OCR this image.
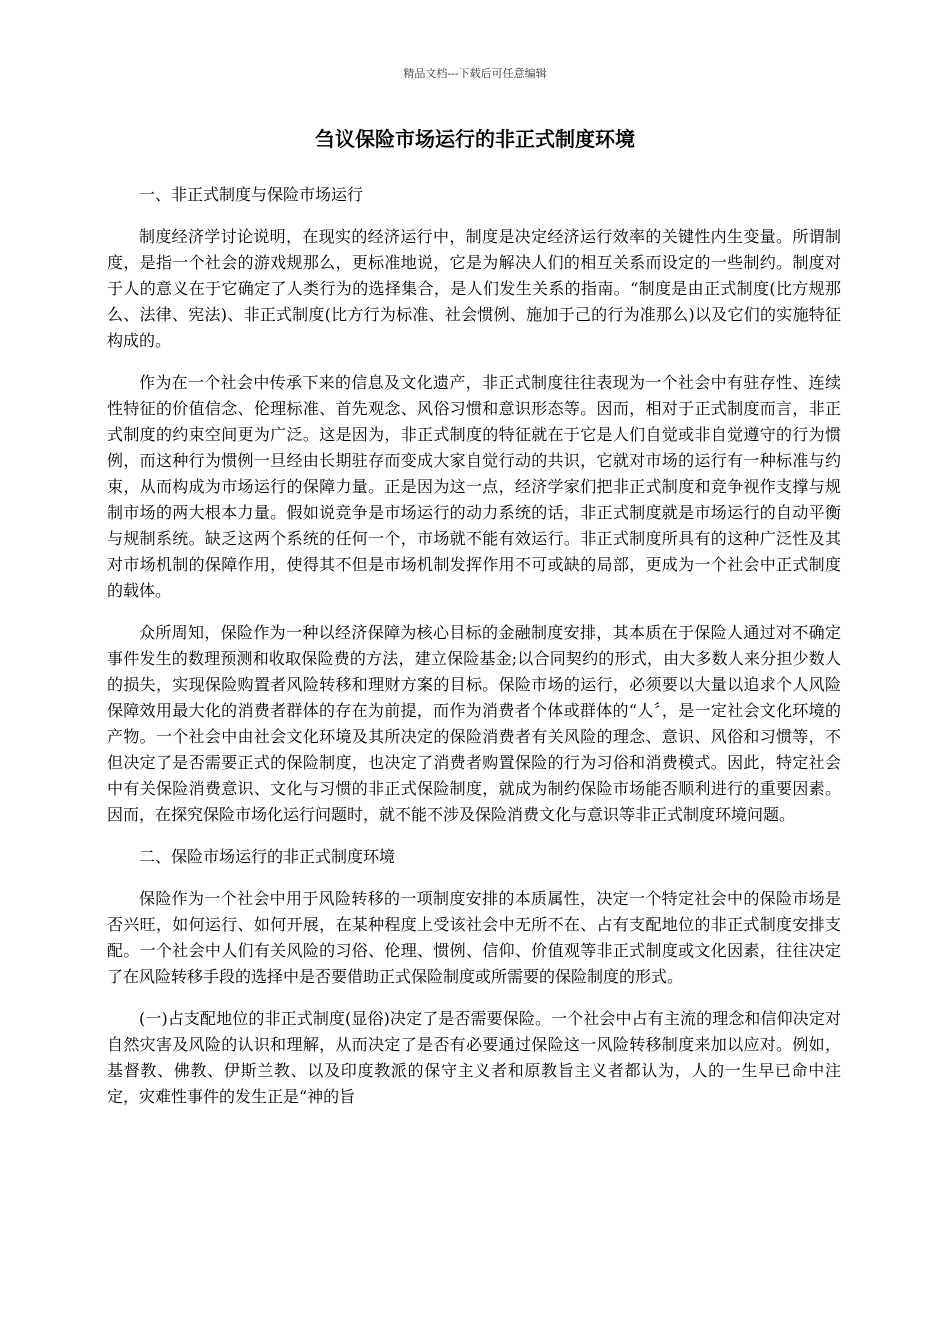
精品文档---下载后可任意编辑
刍议保险市场运行的非正式制度环境
一、非正式制度与保险市场运行

制度经济学讨论说明，在现实的经济运行中，制度是决定经济运行效率的关键性内生变量。所谓制度，是指一个社会的游戏规那么，更标准地说，它是为解决人们的相互关系而设定的一些制约。制度对于人的意义在于它确定了人类行为的选择集合，是人们发生关系的指南。“制度是由正式制度(比方规那么、法律、宪法)、非正式制度(比方行为标准、社会惯例、施加于己的行为准那么)以及它们的实施特征构成的。

作为在一个社会中传承下来的信息及文化遗产，非正式制度往往表现为一个社会中有驻存性、连续性特征的价值信念、伦理标准、首先观念、风俗习惯和意识形态等。因而，相对于正式制度而言，非正式制度的约束空间更为广泛。这是因为，非正式制度的特征就在于它是人们自觉或非自觉遵守的行为惯例，而这种行为惯例一旦经由长期驻存而变成大家自觉行动的共识，它就对市场的运行有一种标准与约束，从而构成为市场运行的保障力量。正是因为这一点，经济学家们把非正式制度和竞争视作支撑与规制市场的两大根本力量。假如说竞争是市场运行的动力系统的话，非正式制度就是市场运行的自动平衡与规制系统。缺乏这两个系统的任何一个，市场就不能有效运行。非正式制度所具有的这种广泛性及其对市场机制的保障作用，使得其不但是市场机制发挥作用不可或缺的局部，更成为一个社会中正式制度的载体。

众所周知，保险作为一种以经济保障为核心目标的金融制度安排，其本质在于保险人通过对不确定事件发生的数理预测和收取保险费的方法，建立保险基金;以合同契约的形式，由大多数人来分担少数人的损失，实现保险购置者风险转移和理财方案的目标。保险市场的运行，必须要以大量以追求个人风险保障效用最大化的消费者群体的存在为前提，而作为消费者个体或群体的“人〞，是一定社会文化环境的产物。一个社会中由社会文化环境及其所决定的保险消费者有关风险的理念、意识、风俗和习惯等，不但决定了是否需要正式的保险制度，也决定了消费者购置保险的行为习俗和消费模式。因此，特定社会中有关保险消费意识、文化与习惯的非正式保险制度，就成为制约保险市场能否顺利进行的重要因素。因而，在探究保险市场化运行问题时，就不能不涉及保险消费文化与意识等非正式制度环境问题。

二、保险市场运行的非正式制度环境

保险作为一个社会中用于风险转移的一项制度安排的本质属性，决定一个特定社会中的保险市场是否兴旺，如何运行、如何开展，在某种程度上受该社会中无所不在、占有支配地位的非正式制度安排支配。一个社会中人们有关风险的习俗、伦理、惯例、信仰、价值观等非正式制度或文化因素，往往决定了在风险转移手段的选择中是否要借助正式保险制度或所需要的保险制度的形式。

(一)占支配地位的非正式制度(显俗)决定了是否需要保险。一个社会中占有主流的理念和信仰决定对自然灾害及风险的认识和理解，从而决定了是否有必要通过保险这一风险转移制度来加以应对。例如，基督教、佛教、伊斯兰教、以及印度教派的保守主义者和原教旨主义者都认为，人的一生早已命中注定，灾难性事件的发生正是“神的旨
